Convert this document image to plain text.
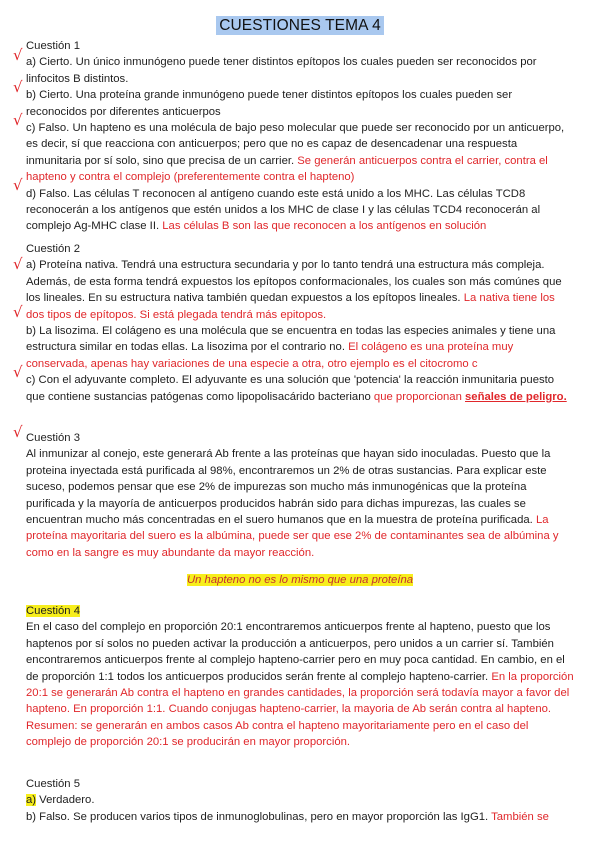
CUESTIONES TEMA 4
√
√
√
√
√
√
√
√

Cuestión 1

a) Cierto. Un único inmunógeno puede tener distintos epítopos los cuales pueden ser reconocidos por linfocitos B distintos.

b) Cierto. Una proteína grande inmunógeno puede tener distintos epítopos los cuales pueden ser reconocidos por diferentes anticuerpos

c) Falso. Un hapteno es una molécula de bajo peso molecular que puede ser reconocido por un anticuerpo, es decir, sí que reacciona con anticuerpos; pero que no es capaz de desencadenar una respuesta inmunitaria por sí solo, sino que precisa de un carrier. Se generán anticuerpos contra el carrier, contra el hapteno y contra el complejo (preferentemente contra el hapteno)

d) Falso. Las células T reconocen al antígeno cuando este está unido a los MHC. Las células TCD8 reconocerán a los antígenos que estén unidos a los MHC de clase I y las células TCD4 reconocerán al complejo Ag-MHC clase II. Las células B son las que reconocen a los antígenos en solución

Cuestión 2

a) Proteína nativa. Tendrá una estructura secundaria y por lo tanto tendrá una estructura más compleja. Además, de esta forma tendrá expuestos los epítopos conformacionales, los cuales son más comúnes que los lineales. En su estructura nativa también quedan expuestos a los epítopos lineales. La nativa tiene los dos tipos de epítopos. Si está plegada tendrá más epitopos.

b) La lisozima. El colágeno es una molécula que se encuentra en todas las especies animales y tiene una estructura similar en todas ellas. La lisozima por el contrario no. El colágeno es una proteína muy conservada, apenas hay variaciones de una especie a otra, otro ejemplo es el citocromo c

c) Con el adyuvante completo. El adyuvante es una solución que 'potencia' la reacción inmunitaria puesto que contiene sustancias patógenas como lipopolisacárido bacteriano que proporcionan señales de peligro.

Cuestión 3

Al inmunizar al conejo, este generará Ab frente a las proteínas que hayan sido inoculadas. Puesto que la proteina inyectada está purificada al 98%, encontraremos un 2% de otras sustancias. Para explicar este suceso, podemos pensar que ese 2% de impurezas son mucho más inmunogénicas que la proteína purificada y la mayoría de anticuerpos producidos habrán sido para dichas impurezas, las cuales se encuentran mucho más concentradas en el suero humanos que en la muestra de proteína purificada. La proteína mayoritaria del suero es la albúmina, puede ser que ese 2% de contaminantes sea de albúmina y como en la sangre es muy abundante da mayor reacción.

Un hapteno no es lo mismo que una proteína

Cuestión 4

En el caso del complejo en proporción 20:1 encontraremos anticuerpos frente al hapteno, puesto que los haptenos por sí solos no pueden activar la producción a anticuerpos, pero unidos a un carrier sí. También encontraremos anticuerpos frente al complejo hapteno-carrier pero en muy poca cantidad. En cambio, en el de proporción 1:1 todos los anticuerpos producidos serán frente al complejo hapteno-carrier. En la proporción 20:1 se generarán Ab contra el hapteno en grandes cantidades, la proporción será todavía mayor a favor del hapteno. En proporción 1:1. Cuando conjugas hapteno-carrier, la mayoria de Ab serán contra al hapteno.

Resumen: se generarán en ambos casos Ab contra el hapteno mayoritariamente pero en el caso del complejo de proporción 20:1 se producirán en mayor proporción.

Cuestión 5

a) Verdadero.

b) Falso. Se producen varios tipos de inmunoglobulinas, pero en mayor proporción las IgG1. También se
